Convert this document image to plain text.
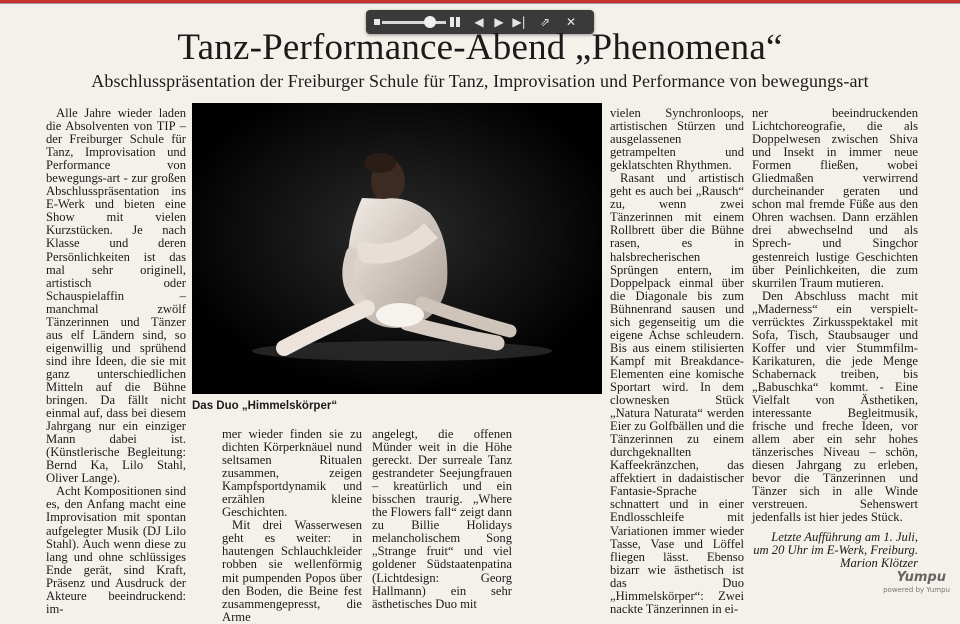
◀ ▶ ▶|	⇗	✕
Tanz-Performance-Abend „Phenomena“
Abschlusspräsentation der Freiburger Schule für Tanz, Improvisation und Performance von bewegungs-art

Alle Jahre wieder laden die Absolventen von TIP – der Freiburger Schule für Tanz, Improvisation und Performance von bewegungs-art - zur großen Abschlusspräsentation ins E-Werk und bieten eine Show mit vielen Kurzstücken. Je nach Klasse und deren Persönlichkeiten ist das mal sehr originell, artistisch oder Schauspielaffin – manchmal zwölf Tänzerinnen und Tänzer aus elf Ländern sind, so eigenwillig und sprühend sind ihre Ideen, die sie mit ganz unterschiedlichen Mitteln auf die Bühne bringen. Da fällt nicht einmal auf, dass bei diesem Jahrgang nur ein einziger Mann dabei ist. (Künstlerische Begleitung: Bernd Ka, Lilo Stahl, Oliver Lange).

Acht Kompositionen sind es, den Anfang macht eine Improvisation mit spontan aufgelegter Musik (DJ Lilo Stahl). Auch wenn diese zu lang und ohne schlüssiges Ende gerät, sind Kraft, Präsenz und Ausdruck der Akteure beeindruckend: im-

Das Duo „Himmelskörper“

mer wieder finden sie zu dichten Körperknäuel nund seltsamen Ritualen zusammen, zeigen Kampfsportdynamik und erzählen kleine Geschichten.

Mit drei Wasserwesen geht es weiter: in hautengen Schlauchkleider robben sie wellenförmig mit pumpenden Popos über den Boden, die Beine fest zusammengepresst, die Arme

angelegt, die offenen Münder weit in die Höhe gereckt. Der surreale Tanz gestrandeter Seejungfrauen – kreatürlich und ein bisschen traurig. „Where the Flowers fall“ zeigt dann zu Billie Holidays melancholischem Song „Strange fruit“ und viel goldener Südstaatenpatina (Lichtdesign: Georg Hallmann) ein sehr ästhetisches Duo mit

vielen Synchronloops, artistischen Stürzen und ausgelassenen getrampelten und geklatschten Rhythmen.

Rasant und artistisch geht es auch bei „Rausch“ zu, wenn zwei Tänzerinnen mit einem Rollbrett über die Bühne rasen, es in halsbrecherischen Sprüngen entern, im Doppelpack einmal über die Diagonale bis zum Bühnenrand sausen und sich gegenseitig um die eigene Achse schleudern. Bis aus einem stilisierten Kampf mit Breakdance-Elementen eine komische Sportart wird. In dem clownesken Stück „Natura Naturata“ werden Eier zu Golfbällen und die Tänzerinnen zu einem durchgeknallten Kaffeekränzchen, das affektiert in dadaistischer Fantasie-Sprache schnattert und in einer Endlosschleife mit Variationen immer wieder Tasse, Vase und Löffel fliegen lässt. Ebenso bizarr wie ästhetisch ist das Duo „Himmelskörper“: Zwei nackte Tänzerinnen in ei-

ner beeindruckenden Lichtchoreografie, die als Doppelwesen zwischen Shiva und Insekt in immer neue Formen fließen, wobei Gliedmaßen verwirrend durcheinander geraten und schon mal fremde Füße aus den Ohren wachsen. Dann erzählen drei abwechselnd und als Sprech- und Singchor gestenreich lustige Geschichten über Peinlichkeiten, die zum skurrilen Traum mutieren.

Den Abschluss macht mit „Maderness“ ein verspielt-verrücktes Zirkusspektakel mit Sofa, Tisch, Staubsauger und Koffer und vier Stummfilm-Karikaturen, die jede Menge Schabernack treiben, bis „Babuschka“ kommt. - Eine Vielfalt von Ästhetiken, interessante Begleitmusik, frische und freche Ideen, vor allem aber ein sehr hohes tänzerisches Niveau – schön, diesen Jahrgang zu erleben, bevor die Tänzerinnen und Tänzer sich in alle Winde verstreuen. Sehenswert jedenfalls ist hier jedes Stück.

Letzte Aufführung am 1. Juli, um 20 Uhr im E-Werk, Freiburg.

Marion Klötzer

Yumpu
powered by Yumpu
